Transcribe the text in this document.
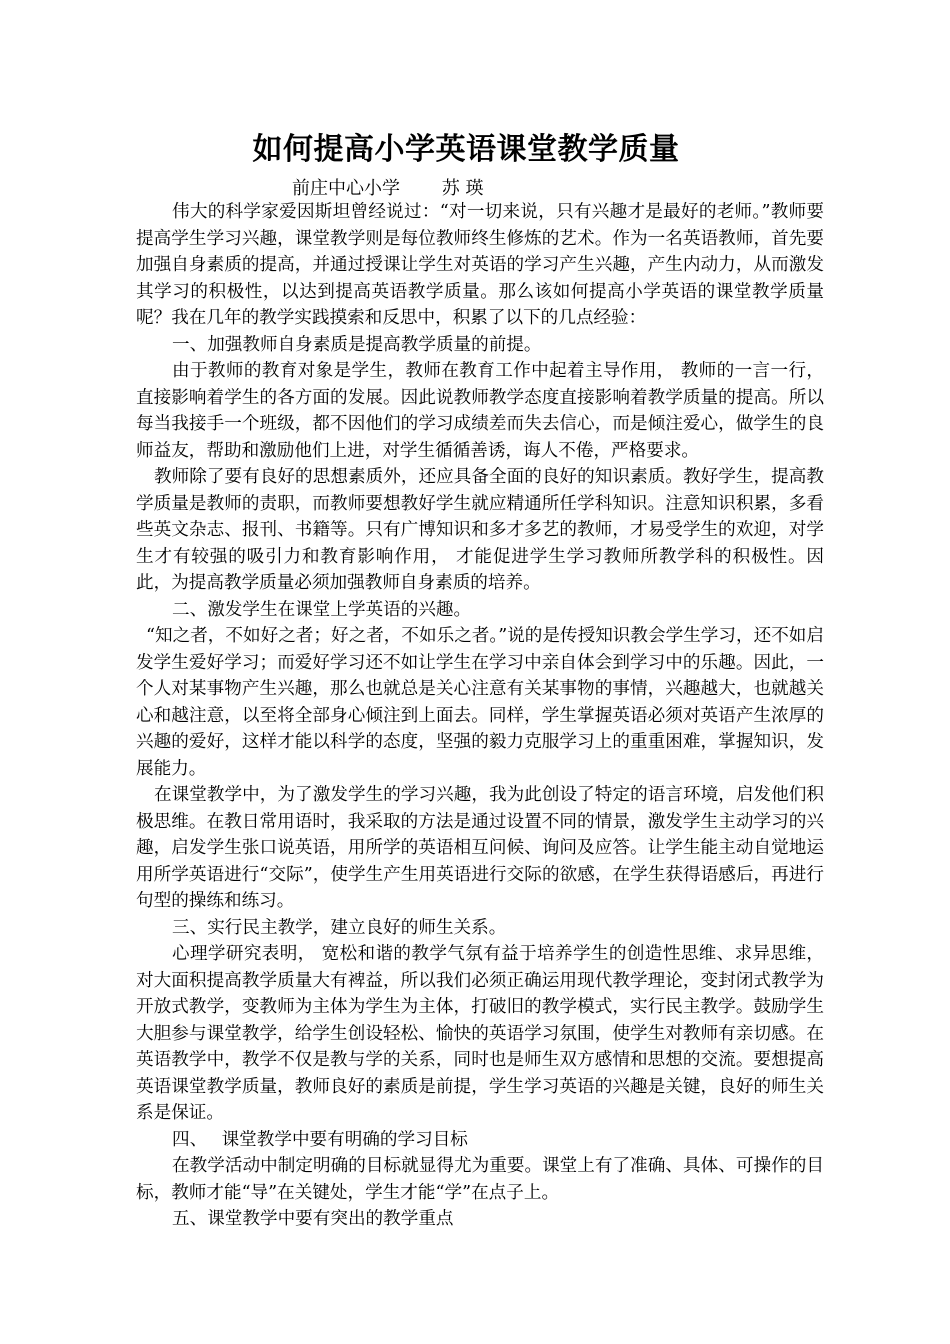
如何提高小学英语课堂教学质量
前庄中心小学　　 苏 瑛

伟大的科学家爱因斯坦曾经说过：“对一切来说，只有兴趣才是最好的老师。”教师要提高学生学习兴趣，课堂教学则是每位教师终生修炼的艺术。作为一名英语教师，首先要加强自身素质的提高，并通过授课让学生对英语的学习产生兴趣，产生内动力，从而激发其学习的积极性，以达到提高英语教学质量。那么该如何提高小学英语的课堂教学质量呢？我在几年的教学实践摸索和反思中，积累了以下的几点经验：

一、加强教师自身素质是提高教学质量的前提。

由于教师的教育对象是学生，教师在教育工作中起着主导作用， 教师的一言一行，直接影响着学生的各方面的发展。因此说教师教学态度直接影响着教学质量的提高。所以每当我接手一个班级，都不因他们的学习成绩差而失去信心，而是倾注爱心，做学生的良师益友，帮助和激励他们上进，对学生循循善诱，诲人不倦，严格要求。

教师除了要有良好的思想素质外，还应具备全面的良好的知识素质。教好学生，提高教学质量是教师的责职，而教师要想教好学生就应精通所任学科知识。注意知识积累，多看些英文杂志、报刊、书籍等。只有广博知识和多才多艺的教师，才易受学生的欢迎，对学生才有较强的吸引力和教育影响作用， 才能促进学生学习教师所教学科的积极性。因此，为提高教学质量必须加强教师自身素质的培养。

二、激发学生在课堂上学英语的兴趣。

“知之者，不如好之者；好之者，不如乐之者。”说的是传授知识教会学生学习，还不如启发学生爱好学习；而爱好学习还不如让学生在学习中亲自体会到学习中的乐趣。因此，一个人对某事物产生兴趣，那么也就总是关心注意有关某事物的事情，兴趣越大，也就越关心和越注意，以至将全部身心倾注到上面去。同样，学生掌握英语必须对英语产生浓厚的兴趣的爱好，这样才能以科学的态度，坚强的毅力克服学习上的重重困难，掌握知识，发展能力。

在课堂教学中，为了激发学生的学习兴趣，我为此创设了特定的语言环境，启发他们积极思维。在教日常用语时，我采取的方法是通过设置不同的情景，激发学生主动学习的兴趣，启发学生张口说英语，用所学的英语相互问候、询问及应答。让学生能主动自觉地运用所学英语进行“交际”，使学生产生用英语进行交际的欲感，在学生获得语感后，再进行句型的操练和练习。

三、实行民主教学，建立良好的师生关系。

心理学研究表明， 宽松和谐的教学气氛有益于培养学生的创造性思维、求异思维，对大面积提高教学质量大有裨益，所以我们必须正确运用现代教学理论，变封闭式教学为开放式教学，变教师为主体为学生为主体，打破旧的教学模式，实行民主教学。鼓励学生大胆参与课堂教学，给学生创设轻松、愉快的英语学习氛围，使学生对教师有亲切感。在英语教学中，教学不仅是教与学的关系，同时也是师生双方感情和思想的交流。要想提高英语课堂教学质量，教师良好的素质是前提，学生学习英语的兴趣是关键，良好的师生关系是保证。

四、　 课堂教学中要有明确的学习目标

在教学活动中制定明确的目标就显得尤为重要。课堂上有了准确、具体、可操作的目标，教师才能“导”在关键处，学生才能“学”在点子上。

五、课堂教学中要有突出的教学重点
